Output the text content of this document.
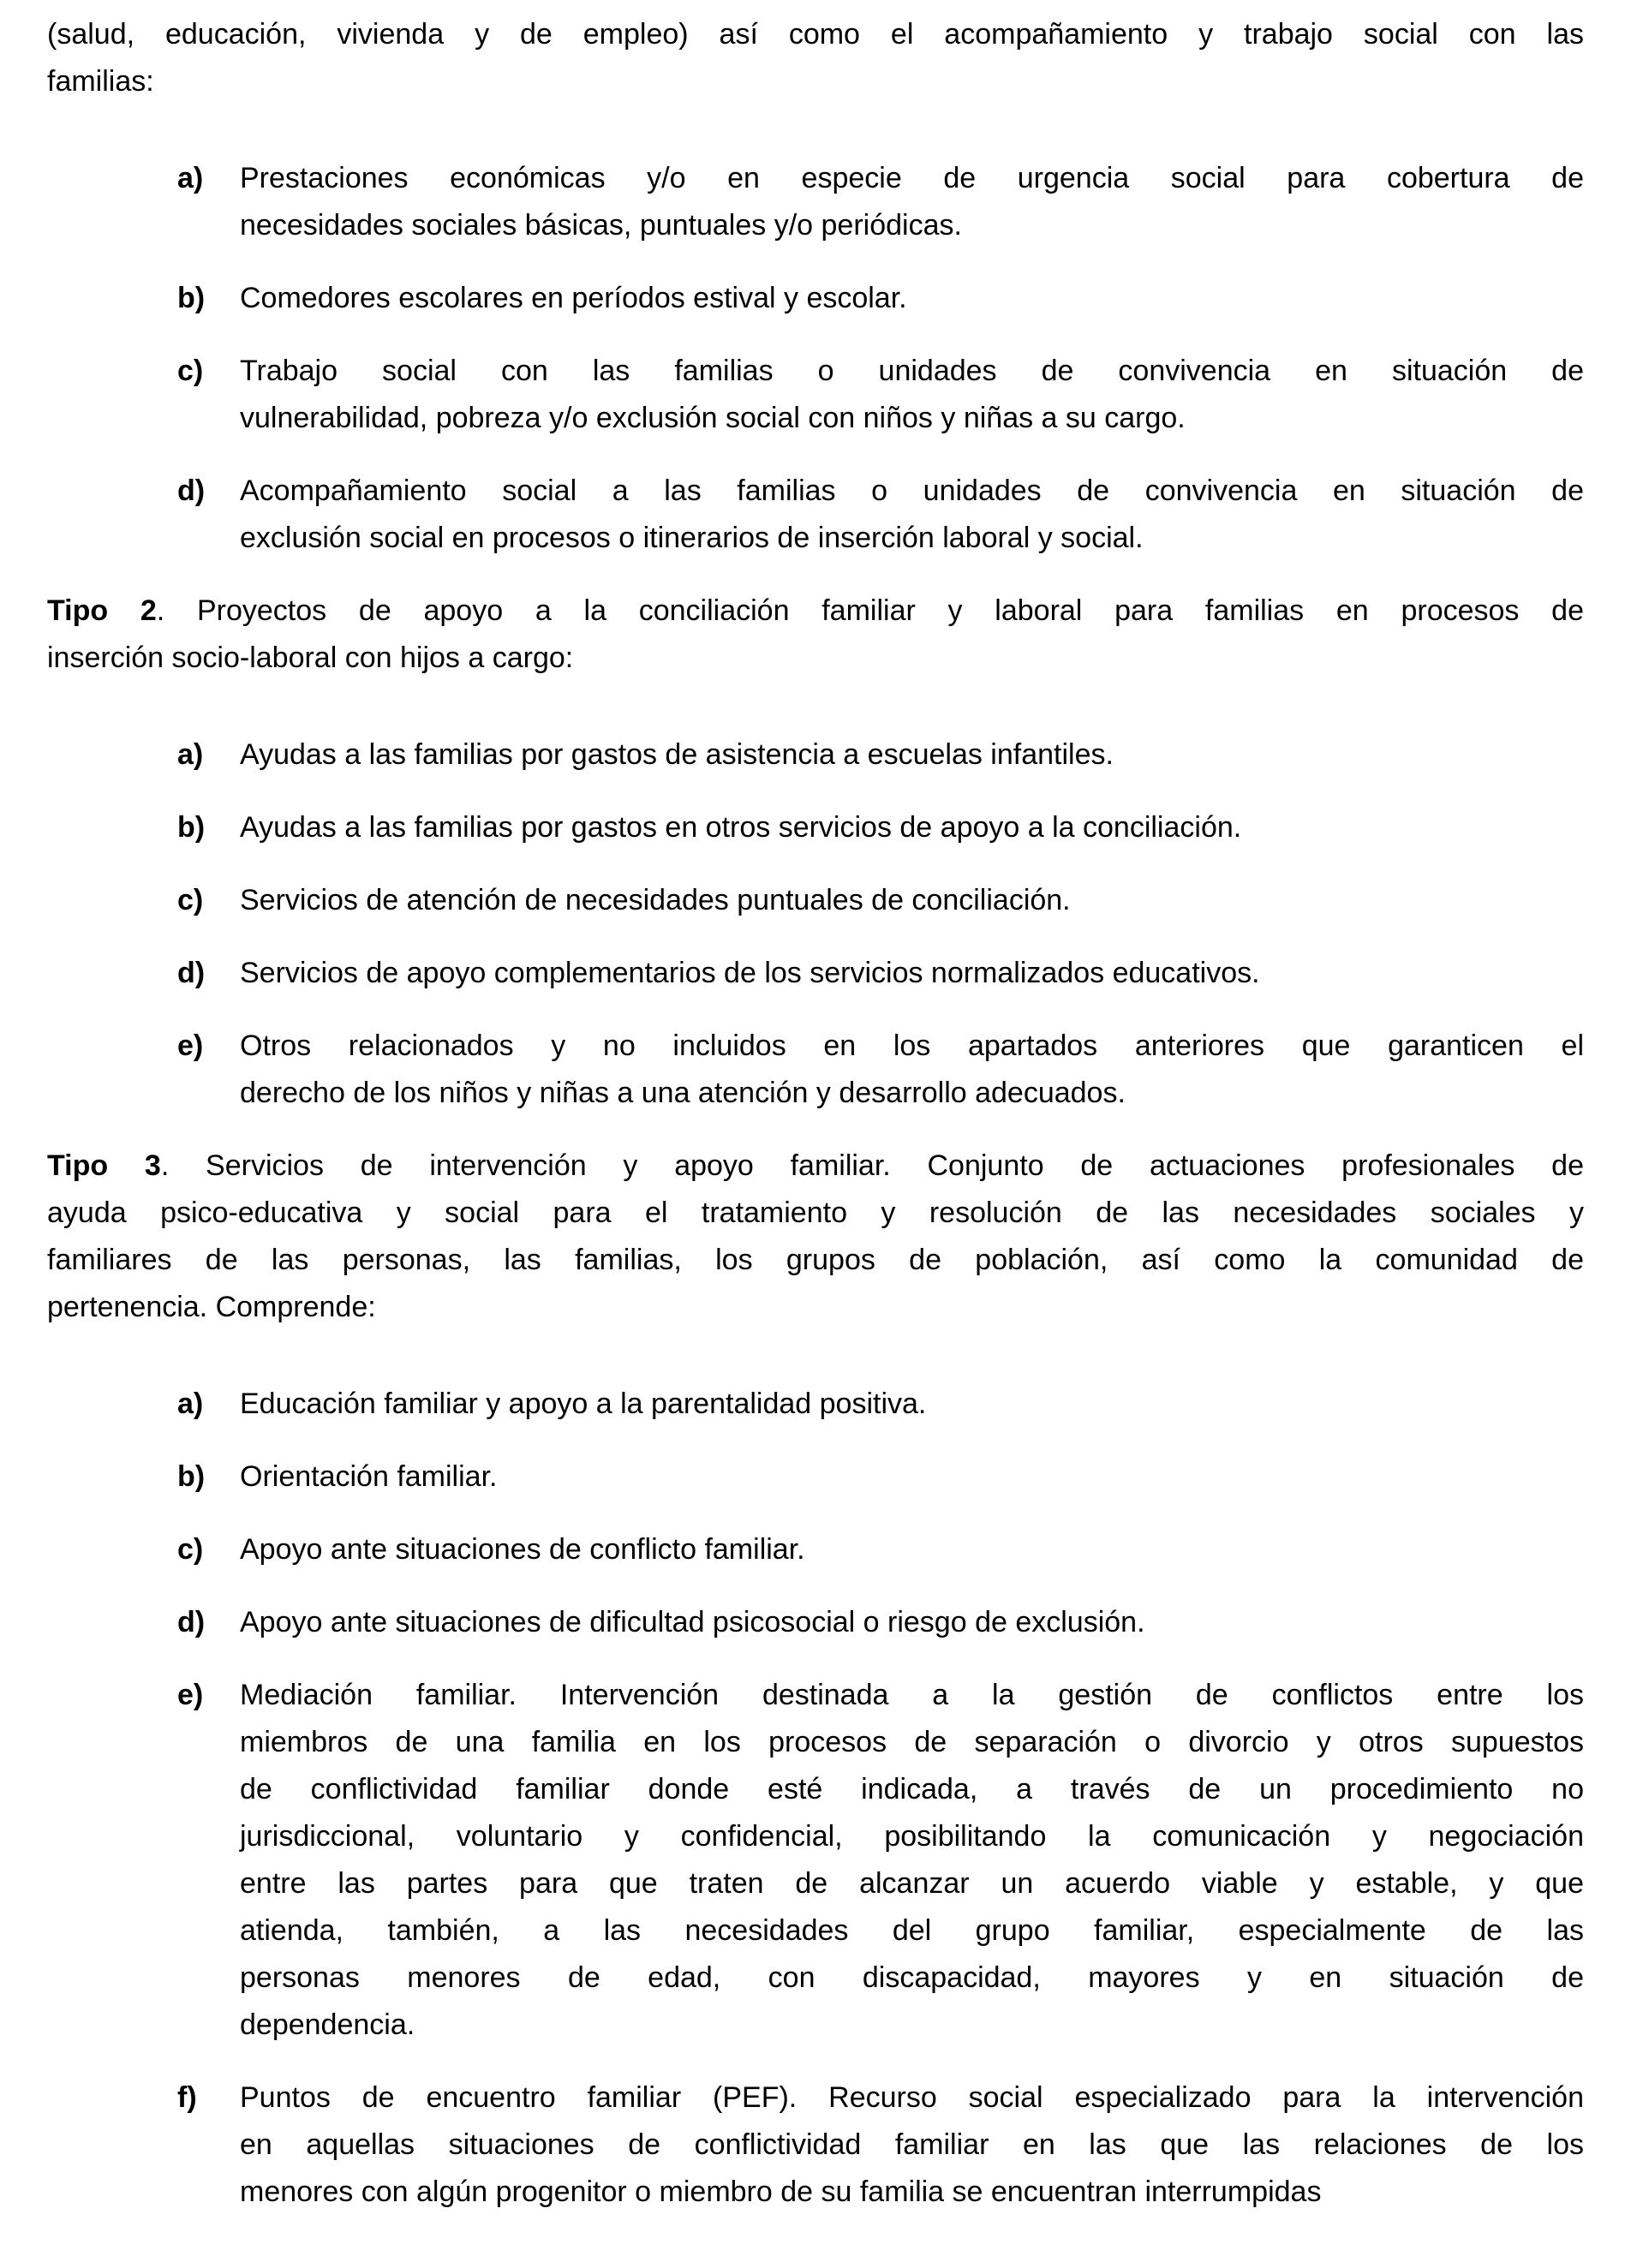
(salud, educación, vivienda y de empleo) así como el acompañamiento y trabajo social con las
familias:
a) Prestaciones económicas y/o en especie de urgencia social para cobertura de
necesidades sociales básicas, puntuales y/o periódicas.
b) Comedores escolares en períodos estival y escolar.
c) Trabajo social con las familias o unidades de convivencia en situación de
vulnerabilidad, pobreza y/o exclusión social con niños y niñas a su cargo.
d) Acompañamiento social a las familias o unidades de convivencia en situación de
exclusión social en procesos o itinerarios de inserción laboral y social.
Tipo 2. Proyectos de apoyo a la conciliación familiar y laboral para familias en procesos de
inserción socio-laboral con hijos a cargo:
a) Ayudas a las familias por gastos de asistencia a escuelas infantiles.
b) Ayudas a las familias por gastos en otros servicios de apoyo a la conciliación.
c) Servicios de atención de necesidades puntuales de conciliación.
d) Servicios de apoyo complementarios de los servicios normalizados educativos.
e) Otros relacionados y no incluidos en los apartados anteriores que garanticen el
derecho de los niños y niñas a una atención y desarrollo adecuados.
Tipo 3. Servicios de intervención y apoyo familiar. Conjunto de actuaciones profesionales de
ayuda psico-educativa y social para el tratamiento y resolución de las necesidades sociales y
familiares de las personas, las familias, los grupos de población, así como la comunidad de
pertenencia. Comprende:
a) Educación familiar y apoyo a la parentalidad positiva.
b) Orientación familiar.
c) Apoyo ante situaciones de conflicto familiar.
d) Apoyo ante situaciones de dificultad psicosocial o riesgo de exclusión.
e) Mediación familiar. Intervención destinada a la gestión de conflictos entre los
miembros de una familia en los procesos de separación o divorcio y otros supuestos
de conflictividad familiar donde esté indicada, a través de un procedimiento no
jurisdiccional, voluntario y confidencial, posibilitando la comunicación y negociación
entre las partes para que traten de alcanzar un acuerdo viable y estable, y que
atienda, también, a las necesidades del grupo familiar, especialmente de las
personas menores de edad, con discapacidad, mayores y en situación de
dependencia.
f) Puntos de encuentro familiar (PEF). Recurso social especializado para la intervención
en aquellas situaciones de conflictividad familiar en las que las relaciones de los
menores con algún progenitor o miembro de su familia se encuentran interrumpidas
